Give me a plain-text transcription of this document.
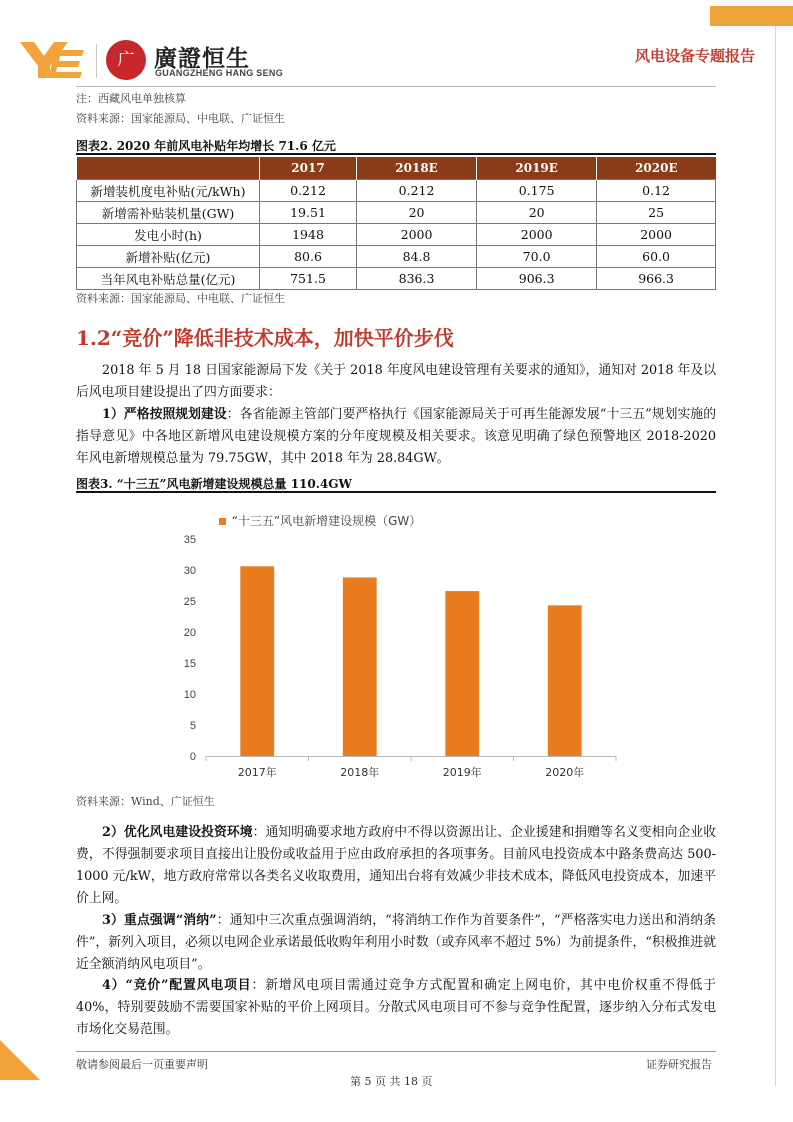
广 廣證恒生
GUANGZHENG HANG SENG
风电设备专题报告
注：西藏风电单独核算
资料来源：国家能源局、中电联、广证恒生
图表2. 2020 年前风电补贴年均增长 71.6 亿元
	2017	2018E	2019E	2020E
新增装机度电补贴(元/kWh)	0.212	0.212	0.175	0.12
新增需补贴装机量(GW)	19.51	20	20	25
发电小时(h)	1948	2000	2000	2000
新增补贴(亿元)	80.6	84.8	70.0	60.0
当年风电补贴总量(亿元)	751.5	836.3	906.3	966.3
资料来源：国家能源局、中电联、广证恒生
1.2“竞价”降低非技术成本，加快平价步伐
2018 年 5 月 18 日国家能源局下发《关于 2018 年度风电建设管理有关要求的通知》，通知对 2018 年及以后风电项目建设提出了四方面要求：
1）严格按照规划建设：各省能源主管部门要严格执行《国家能源局关于可再生能源发展“十三五”规划实施的指导意见》中各地区新增风电建设规模方案的分年度规模及相关要求。该意见明确了绿色预警地区 2018-2020 年风电新增规模总量为 79.75GW，其中 2018 年为 28.84GW。
图表3. “十三五”风电新增建设规模总量 110.4GW
“十三五”风电新增建设规模（GW）
0
5
10
15
20
25
30
35
2017年	2018年	2019年	2020年
资料来源：Wind、广证恒生
2）优化风电建设投资环境：通知明确要求地方政府中不得以资源出让、企业援建和捐赠等名义变相向企业收费，不得强制要求项目直接出让股份或收益用于应由政府承担的各项事务。目前风电投资成本中路条费高达 500-1000 元/kW，地方政府常常以各类名义收取费用，通知出台将有效减少非技术成本，降低风电投资成本，加速平价上网。
3）重点强调“消纳”：通知中三次重点强调消纳，“将消纳工作作为首要条件”，“严格落实电力送出和消纳条件”，新列入项目，必须以电网企业承诺最低收购年利用小时数（或弃风率不超过 5%）为前提条件，“积极推进就近全额消纳风电项目”。
4）“竞价”配置风电项目：新增风电项目需通过竞争方式配置和确定上网电价，其中电价权重不得低于 40%，特别要鼓励不需要国家补贴的平价上网项目。分散式风电项目可不参与竞争性配置，逐步纳入分布式发电市场化交易范围。
敬请参阅最后一页重要声明
第 5 页 共 18 页
证券研究报告
